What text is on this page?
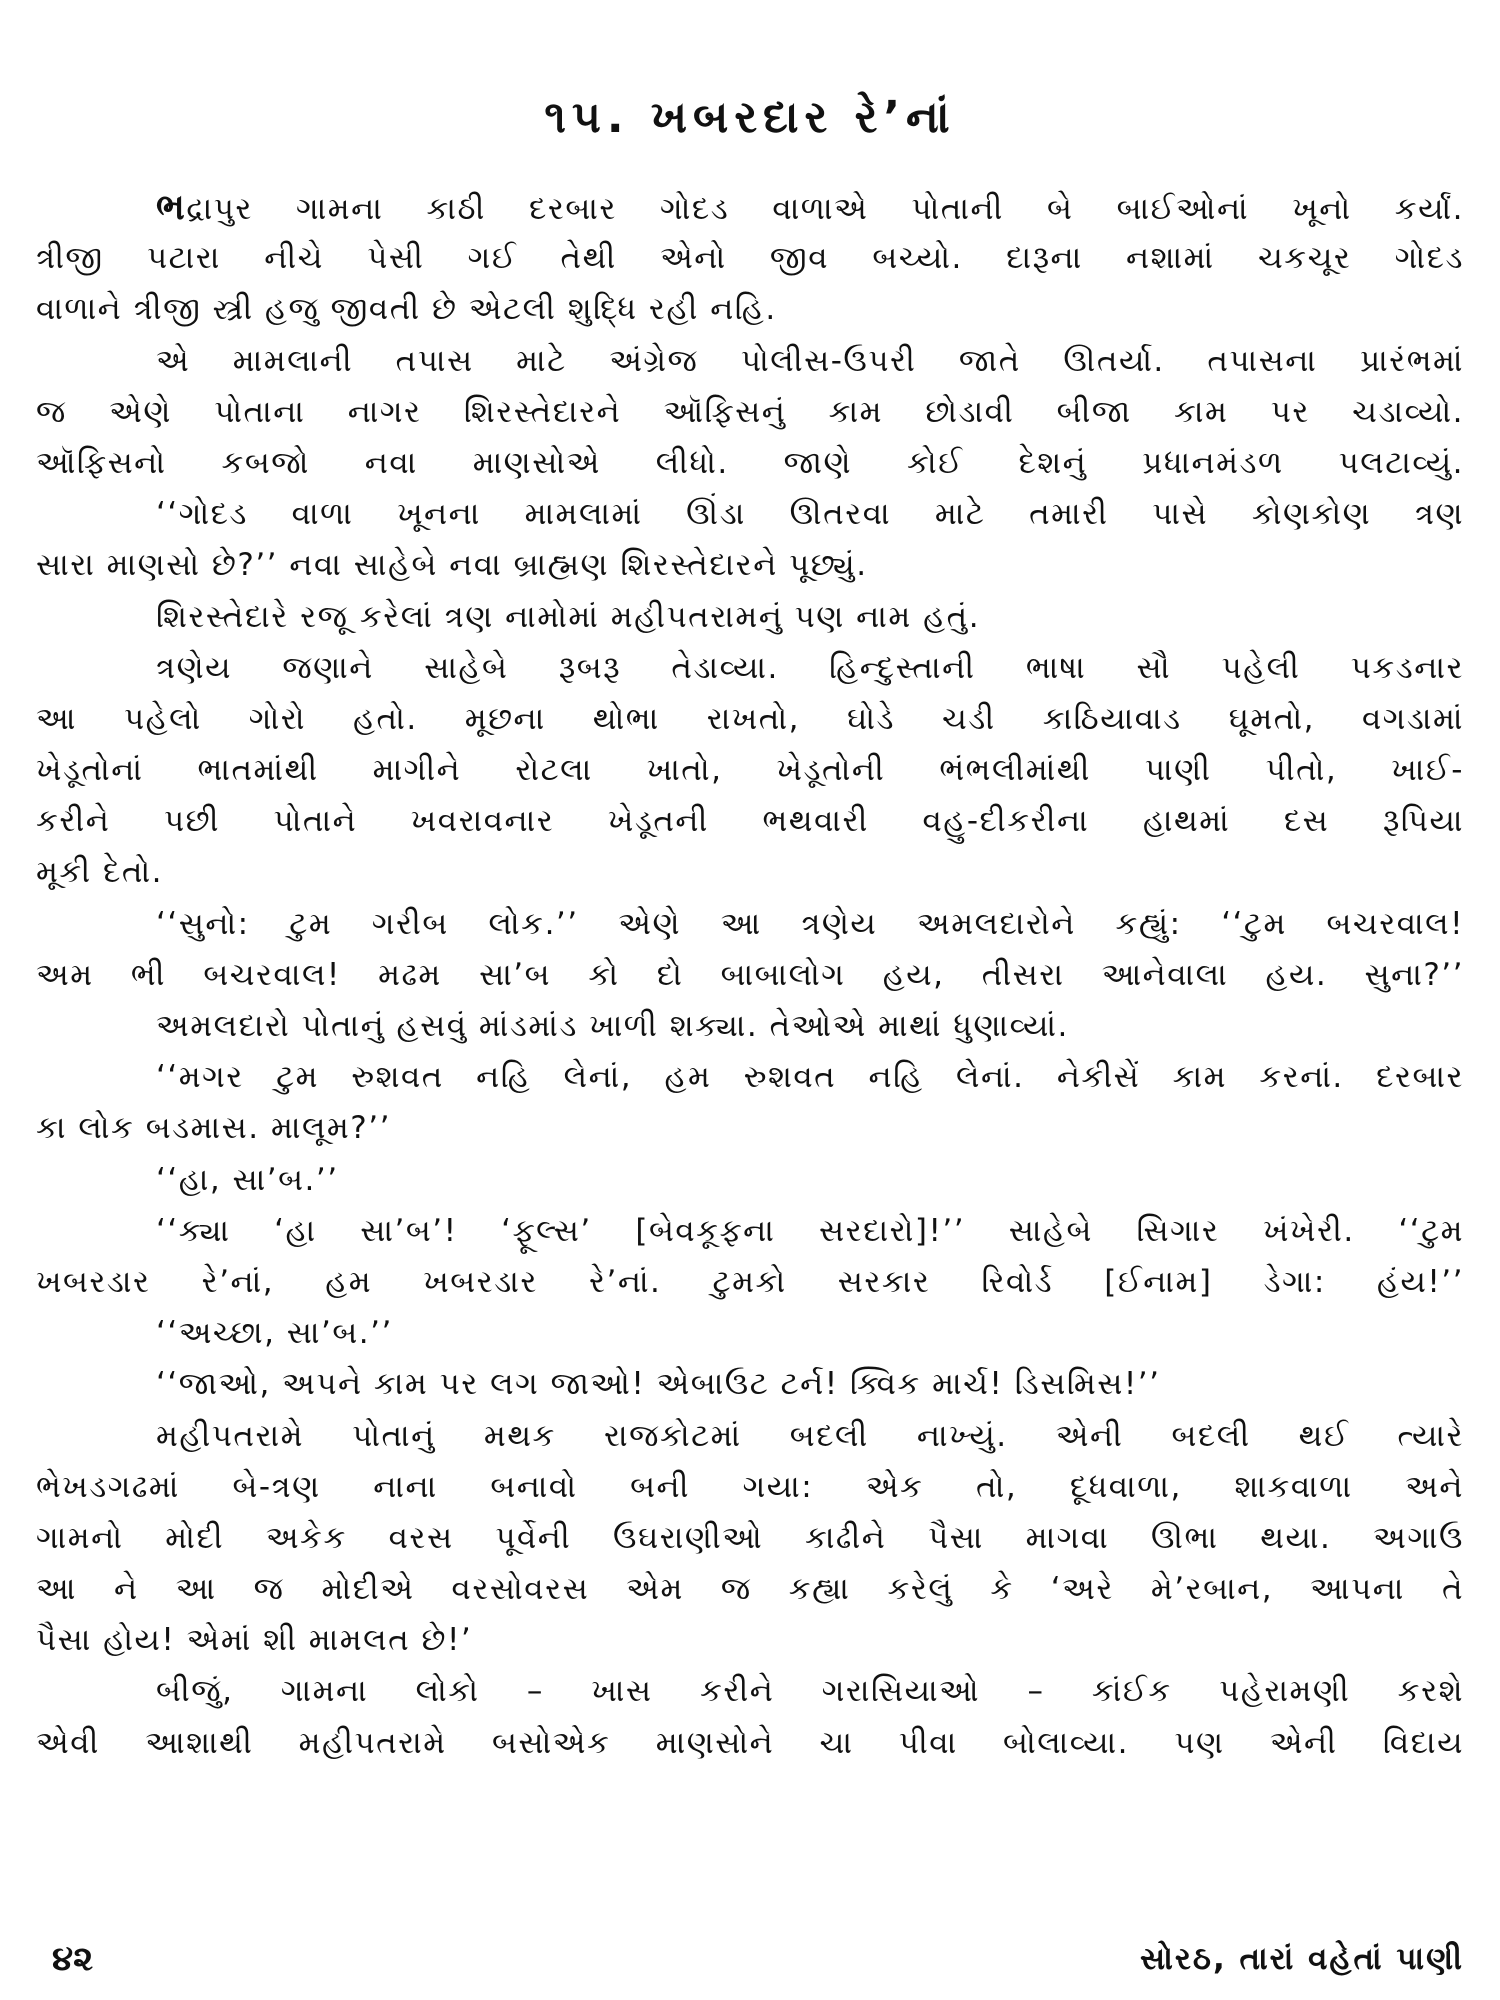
૧૫. ખબરદાર રે’નાં
ભદ્રાપુર ગામના કાઠી દરબાર ગોદડ વાળાએ પોતાની બે બાઈઓનાં ખૂનો કર્યાં.
ત્રીજી પટારા નીચે પેસી ગઈ તેથી એનો જીવ બચ્યો. દારૂના નશામાં ચકચૂર ગોદડ
વાળાને ત્રીજી સ્ત્રી હજુ જીવતી છે એટલી શુદ્ધિ રહી નહિ.
એ મામલાની તપાસ માટે અંગ્રેજ પોલીસ-ઉપરી જાતે ઊતર્યા. તપાસના પ્રારંભમાં
જ એણે પોતાના નાગર શિરસ્તેદારને ઑફિસનું કામ છોડાવી બીજા કામ પર ચડાવ્યો.
ઑફિસનો કબજો નવા માણસોએ લીધો. જાણે કોઈ દેશનું પ્રધાનમંડળ પલટાવ્યું.
‘‘ગોદડ વાળા ખૂનના મામલામાં ઊંડા ઊતરવા માટે તમારી પાસે કોણકોણ ત્રણ
સારા માણસો છે?’’ નવા સાહેબે નવા બ્રાહ્મણ શિરસ્તેદારને પૂછ્યું.
શિરસ્તેદારે રજૂ કરેલાં ત્રણ નામોમાં મહીપતરામનું પણ નામ હતું.
ત્રણેય જણાને સાહેબે રૂબરૂ તેડાવ્યા. હિન્દુસ્તાની ભાષા સૌ પહેલી પકડનાર
આ પહેલો ગોરો હતો. મૂછના થોભા રાખતો, ઘોડે ચડી કાઠિયાવાડ ઘૂમતો, વગડામાં
ખેડૂતોનાં ભાતમાંથી માગીને રોટલા ખાતો, ખેડૂતોની ભંભલીમાંથી પાણી પીતો, ખાઈ-
કરીને પછી પોતાને ખવરાવનાર ખેડૂતની ભથવારી વહુ-દીકરીના હાથમાં દસ રૂપિયા
મૂકી દેતો.
‘‘સુનો: ટુમ ગરીબ લોક.’’ એણે આ ત્રણેય અમલદારોને કહ્યું: ‘‘ટુમ બચરવાલ!
અમ ભી બચરવાલ! મઢમ સા’બ કો દો બાબાલોગ હય, તીસરા આનેવાલા હય. સુના?’’
અમલદારો પોતાનું હસવું માંડમાંડ ખાળી શક્યા. તેઓએ માથાં ધુણાવ્યાં.
‘‘મગર ટુમ રુશવત નહિ લેનાં, હમ રુશવત નહિ લેનાં. નેકીસેં કામ કરનાં. દરબાર
કા લોક બડમાસ. માલૂમ?’’
‘‘હા, સા’બ.’’
‘‘ક્યા ‘હા સા’બ’! ‘ફૂલ્સ’ [બેવકૂફના સરદારો]!’’ સાહેબે સિગાર ખંખેરી. ‘‘ટુમ
ખબરડાર રે’નાં, હમ ખબરડાર રે’નાં. ટુમકો સરકાર રિવોર્ડ [ઈનામ] ડેગા: હંય!’’
‘‘અચ્છા, સા’બ.’’
‘‘જાઓ, અપને કામ પર લગ જાઓ! એબાઉટ ટર્ન! ક્વિક માર્ચ! ડિસમિસ!’’
મહીપતરામે પોતાનું મથક રાજકોટમાં બદલી નાખ્યું. એની બદલી થઈ ત્યારે
ભેખડગઢમાં બે-ત્રણ નાના બનાવો બની ગયા: એક તો, દૂધવાળા, શાકવાળા અને
ગામનો મોદી અકેક વરસ પૂર્વેની ઉઘરાણીઓ કાઢીને પૈસા માગવા ઊભા થયા. અગાઉ
આ ને આ જ મોદીએ વરસોવરસ એમ જ કહ્યા કરેલું કે ‘અરે મે’રબાન, આપના તે
પૈસા હોય! એમાં શી મામલત છે!’
બીજું, ગામના લોકો – ખાસ કરીને ગરાસિયાઓ – કાંઈક પહેરામણી કરશે
એવી આશાથી મહીપતરામે બસોએક માણસોને ચા પીવા બોલાવ્યા. પણ એની વિદાય
૪૨	સોરઠ, તારાં વહેતાં પાણી
